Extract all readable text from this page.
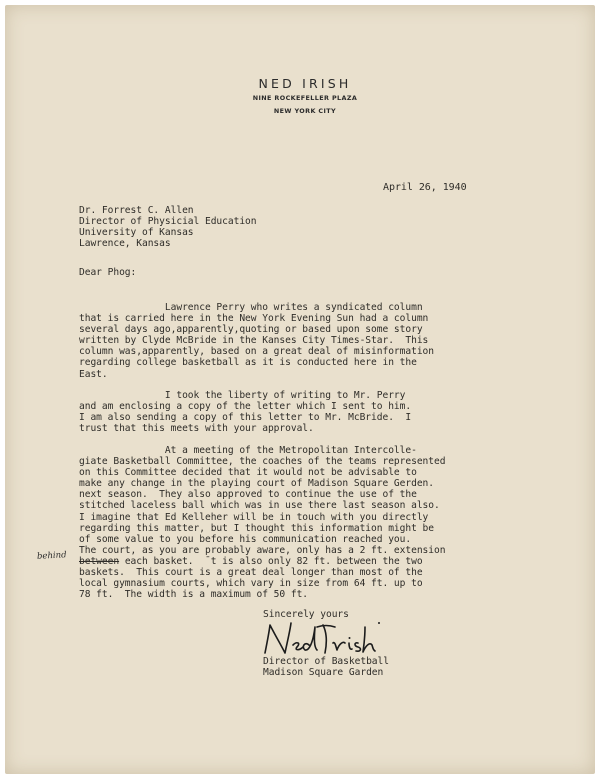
NED IRISH
NINE ROCKEFELLER PLAZA
NEW YORK CITY
April 26, 1940
Dr. Forrest C. Allen
Director of Physicial Education
University of Kansas
Lawrence, Kansas
Dear Phog:
Lawrence Perry who writes a syndicated column
that is carried here in the New York Evening Sun had a column
several days ago,apparently,quoting or based upon some story
written by Clyde McBride in the Kanses City Times-Star.  This
column was,apparently, based on a great deal of misinformation
regarding college basketball as it is conducted here in the
East.
I took the liberty of writing to Mr. Perry
and am enclosing a copy of the letter which I sent to him.
I am also sending a copy of this letter to Mr. McBride.  I
trust that this meets with your approval.
At a meeting of the Metropolitan Intercolle-
giate Basketball Committee, the coaches of the teams represented
on this Committee decided that it would not be advisable to
make any change in the playing court of Madison Square Gerden.
next season.  They also approved to continue the use of the
stitched laceless ball which was in use there last season also.
I imagine that Ed Kelleher will be in touch with you directly
regarding this matter, but I thought this information might be
of some value to you before his communication reached you.
The court, as you are probably aware, only has a 2 ft. extension
between each basket.  ¯t is also only 82 ft. between the two
baskets.  This court is a great deal longer than most of the
local gymnasium courts, which vary in size from 64 ft. up to
78 ft.  The width is a maximum of 50 ft.
behind
Sincerely yours
Director of Basketball
Madison Square Garden
